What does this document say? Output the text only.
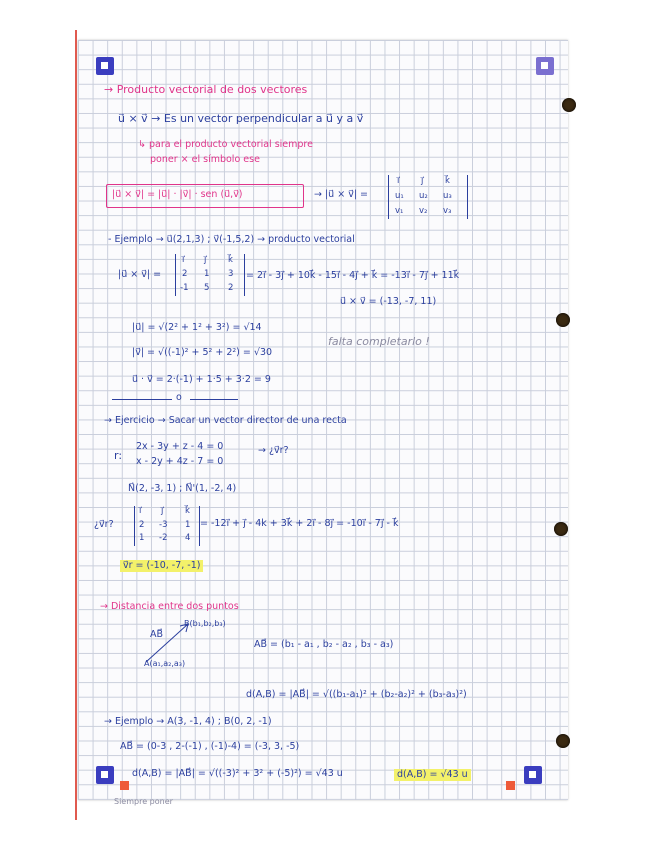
→ Producto vectorial de dos vectores
u⃗ × v⃗ → Es un vector perpendicular a u⃗ y a v⃗
↳ para el producto vectorial siempre
poner × el símbolo ese
|u⃗ × v⃗| = |u⃗| · |v⃗| · sen (u⃗,v⃗)	→ |u⃗ × v⃗| =
i⃗	j⃗	k⃗
u₁ u₂ u₃
v₁ v₂ v₃
- Ejemplo → u⃗(2,1,3) ; v⃗(-1,5,2) → producto vectorial
|u⃗ × v⃗| =
i⃗ j⃗	k⃗
2 1 3
-1 5 2
= 2i⃗ - 3j⃗ + 10k⃗ - 15i⃗ - 4j⃗ + k⃗ = -13i⃗ - 7j⃗ + 11k⃗
u⃗ × v⃗ = (-13, -7, 11)
|u⃗| = √(2² + 1² + 3²) = √14
|v⃗| = √((-1)² + 5² + 2²) = √30
falta completarlo !
u⃗ · v⃗ = 2·(-1) + 1·5 + 3·2 = 9
o
→ Ejercicio → Sacar un vector director de una recta
r:
2x - 3y + z - 4 = 0
x - 2y + 4z - 7 = 0
→ ¿v⃗r?
N⃗(2, -3, 1) ; N⃗'(1, -2, 4)
¿v⃗r?
i⃗ j⃗	k⃗
2 -3 1
1 -2 4
= -12i⃗ + j⃗ - 4k + 3k⃗ + 2i⃗ - 8j⃗ = -10i⃗ - 7j⃗ - k⃗
v⃗r = (-10, -7, -1)
→ Distancia entre dos puntos
B(b₁,b₂,b₃)
AB⃗
A(a₁,a₂,a₃)
AB⃗ = (b₁ - a₁ , b₂ - a₂ , b₃ - a₃)
d(A,B) = |AB⃗| = √((b₁-a₁)² + (b₂-a₂)² + (b₃-a₃)²)
→ Ejemplo → A(3, -1, 4) ; B(0, 2, -1)
AB⃗ = (0-3 , 2-(-1) , (-1)-4) = (-3, 3, -5)
d(A,B) = |AB⃗| = √((-3)² + 3² + (-5)²) = √43 u	d(A,B) = √43 u
Siempre poner
